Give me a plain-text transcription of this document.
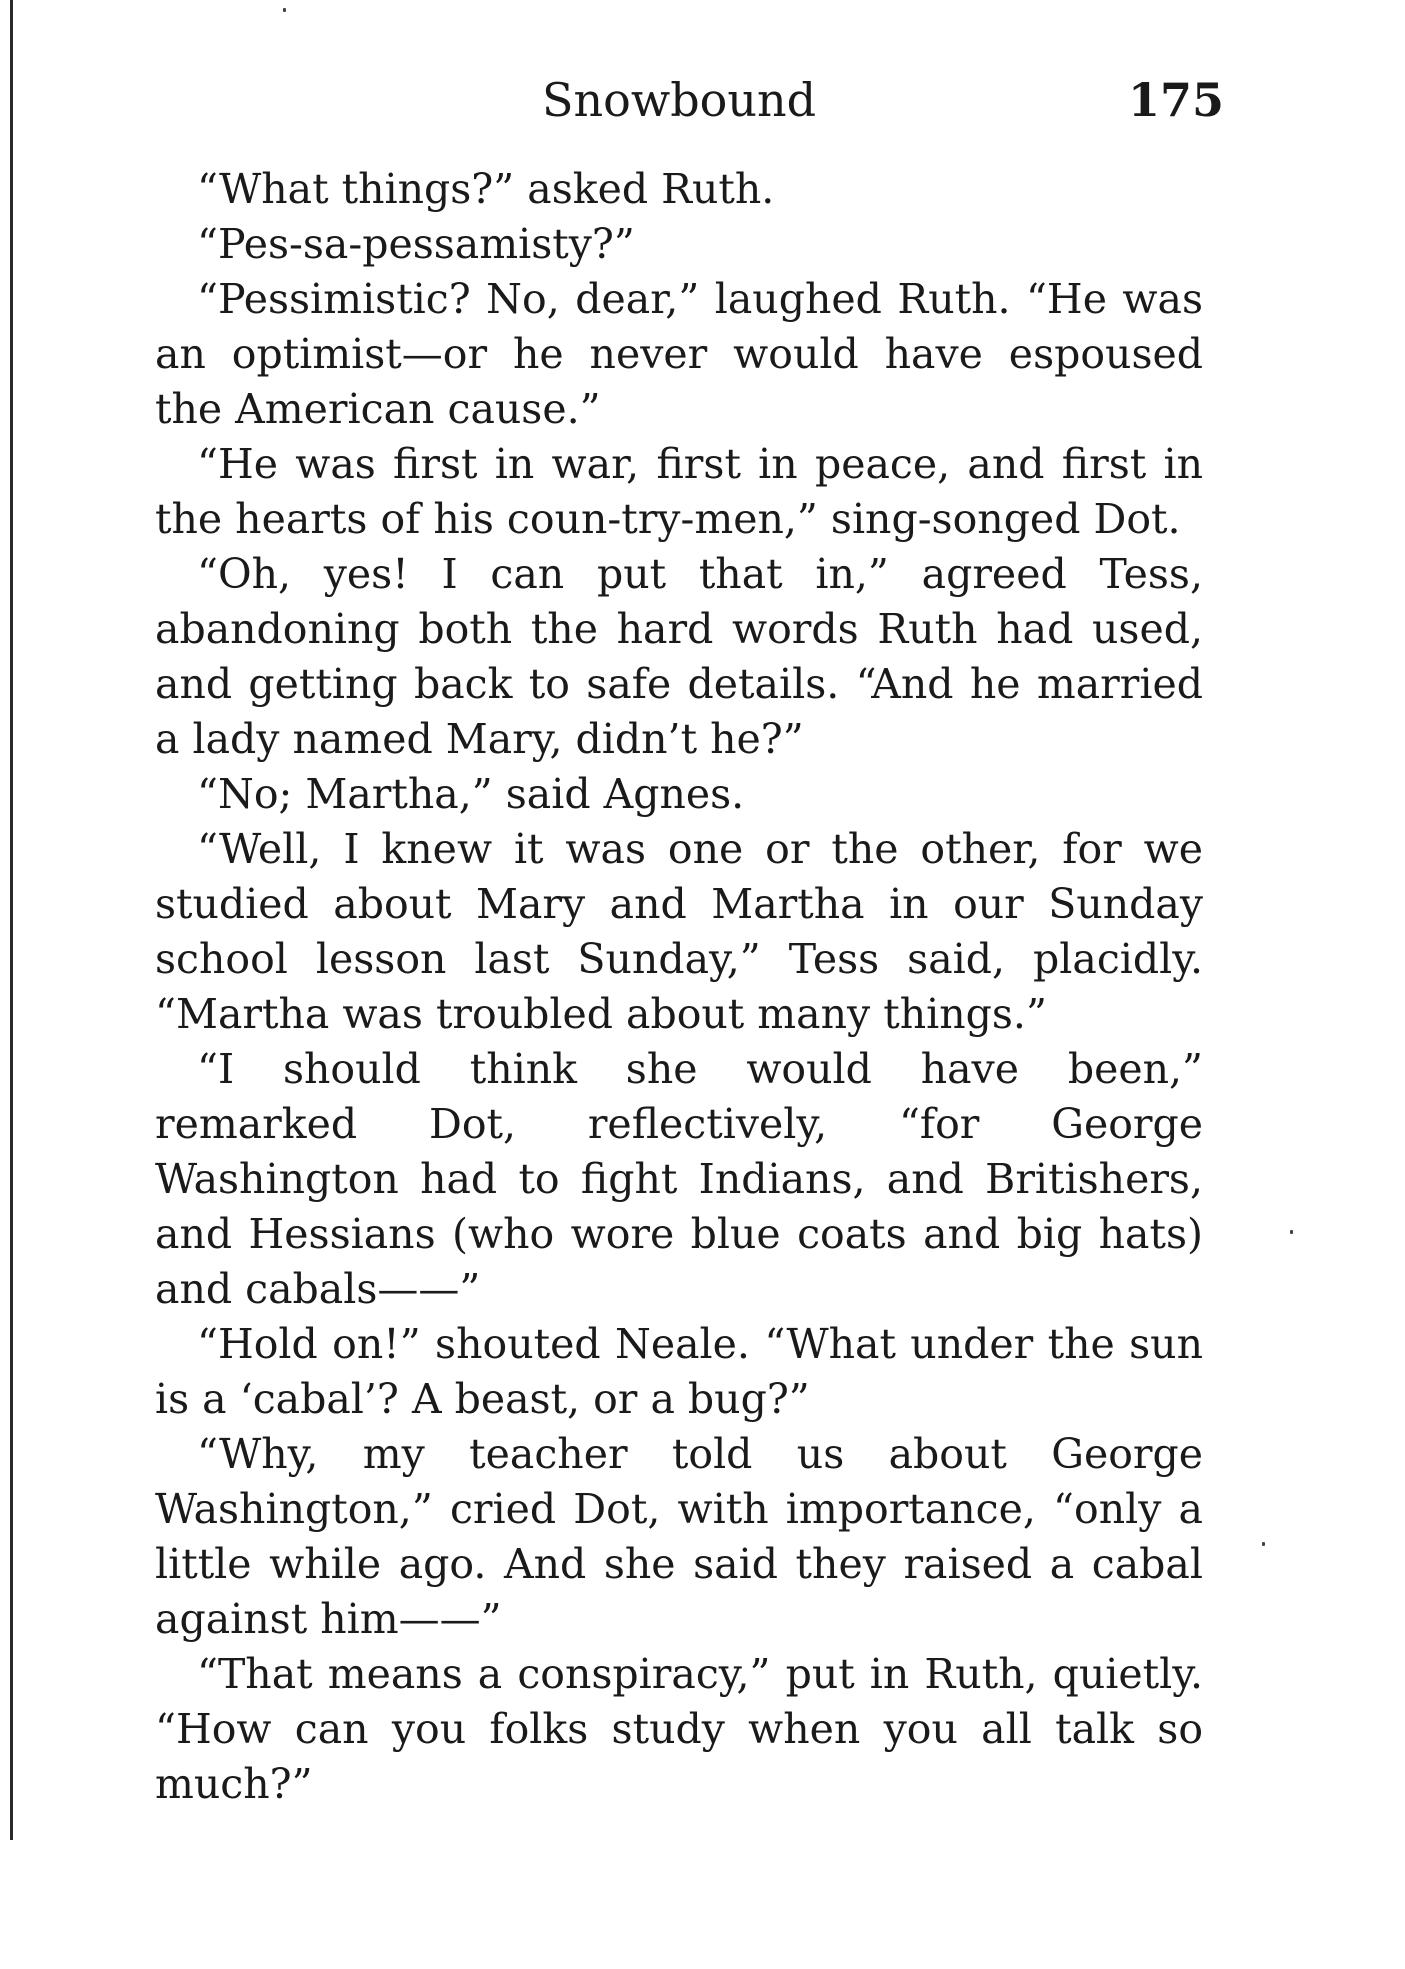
Snowbound	175

“What things?” asked Ruth.

“Pes-sa-pessamisty?”

“Pessimistic? No, dear,” laughed Ruth. “He was an optimist—or he never would have espoused the American cause.”

“He was first in war, first in peace, and first in the hearts of his coun-try-men,” sing-songed Dot.

“Oh, yes! I can put that in,” agreed Tess, abandoning both the hard words Ruth had used, and getting back to safe details. “And he married a lady named Mary, didn’t he?”

“No; Martha,” said Agnes.

“Well, I knew it was one or the other, for we studied about Mary and Martha in our Sunday school lesson last Sunday,” Tess said, placidly. “Martha was troubled about many things.”

“I should think she would have been,” remarked Dot, reflectively, “for George Washington had to fight Indians, and Britishers, and Hessians (who wore blue coats and big hats) and cabals——”

“Hold on!” shouted Neale. “What under the sun is a ‘cabal’? A beast, or a bug?”

“Why, my teacher told us about George Washington,” cried Dot, with importance, “only a little while ago. And she said they raised a cabal against him——”

“That means a conspiracy,” put in Ruth, quietly. “How can you folks study when you all talk so much?”
